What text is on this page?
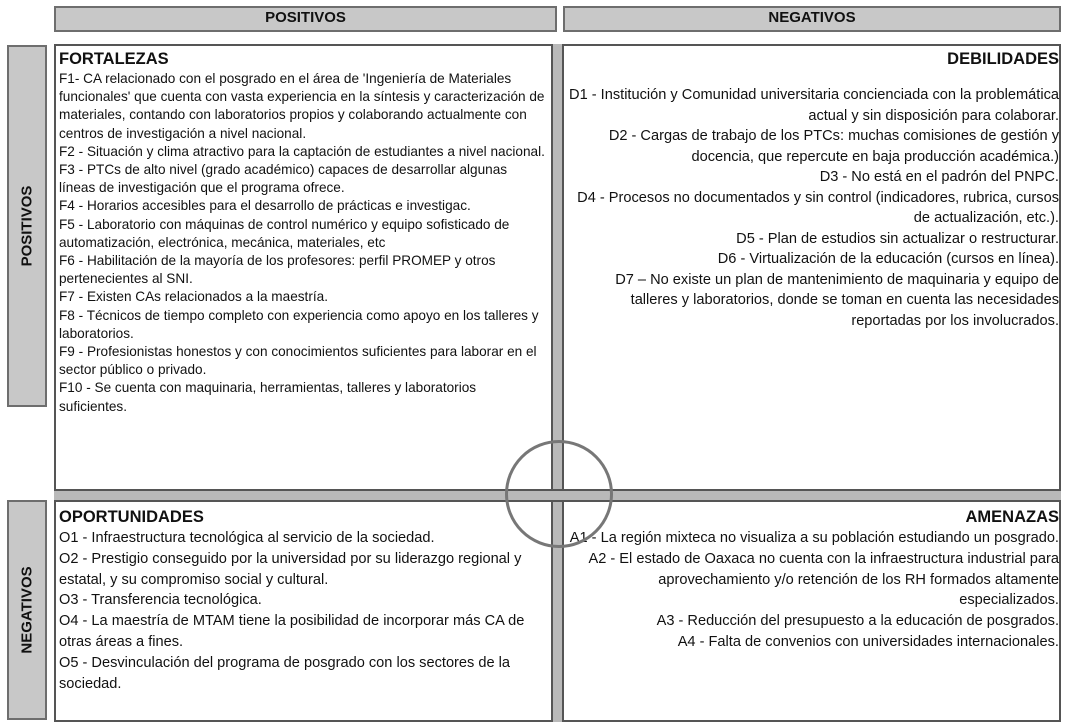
POSITIVOS	NEGATIVOS
POSITIVOS
NEGATIVOS
FORTALEZAS
F1- CA relacionado con el posgrado en el área de 'Ingeniería de Materiales funcionales' que cuenta con vasta experiencia en la síntesis y caracterización de materiales, contando con laboratorios propios y colaborando actualmente con centros de investigación a nivel nacional.
F2 - Situación y clima atractivo para la captación de estudiantes a nivel nacional.
F3 - PTCs de alto nivel (grado académico) capaces de desarrollar algunas líneas de investigación que el programa ofrece.
F4 - Horarios accesibles para el desarrollo de prácticas e investigac.
F5 - Laboratorio con máquinas de control numérico y equipo sofisticado de automatización, electrónica, mecánica, materiales, etc
F6 - Habilitación de la mayoría de los profesores: perfil PROMEP y otros pertenecientes al SNI.
F7 - Existen CAs relacionados a la maestría.
F8 - Técnicos de tiempo completo con experiencia como apoyo en los talleres y laboratorios.
F9 - Profesionistas honestos y con conocimientos suficientes para laborar en el sector público o privado.
F10 - Se cuenta con maquinaria, herramientas, talleres y laboratorios suficientes.
DEBILIDADES
D1 - Institución y Comunidad universitaria concienciada con la problemática actual y sin disposición para colaborar.
D2 - Cargas de trabajo de los PTCs: muchas comisiones de gestión y docencia, que repercute en baja producción académica.)
D3 - No está en el padrón del PNPC.
D4 - Procesos no documentados y sin control (indicadores, rubrica, cursos de actualización, etc.).
D5 - Plan de estudios sin actualizar o restructurar.
D6 - Virtualización de la educación (cursos en línea).
D7 – No existe un plan de mantenimiento de maquinaria y equipo de talleres y laboratorios, donde se toman en cuenta las necesidades reportadas por los involucrados.
OPORTUNIDADES
O1 - Infraestructura tecnológica al servicio de la sociedad.
O2 - Prestigio conseguido por la universidad por su liderazgo regional y estatal, y su compromiso social y cultural.
O3 - Transferencia tecnológica.
O4 - La maestría de MTAM tiene la posibilidad de incorporar más CA de otras áreas a fines.
O5 - Desvinculación del programa de posgrado con los sectores de la sociedad.
AMENAZAS
A1 - La región mixteca no visualiza a su población estudiando un posgrado.
A2 - El estado de Oaxaca no cuenta con la infraestructura industrial para aprovechamiento y/o retención de los RH formados altamente especializados.
A3 - Reducción del presupuesto a la educación de posgrados.
A4 - Falta de convenios con universidades internacionales.
